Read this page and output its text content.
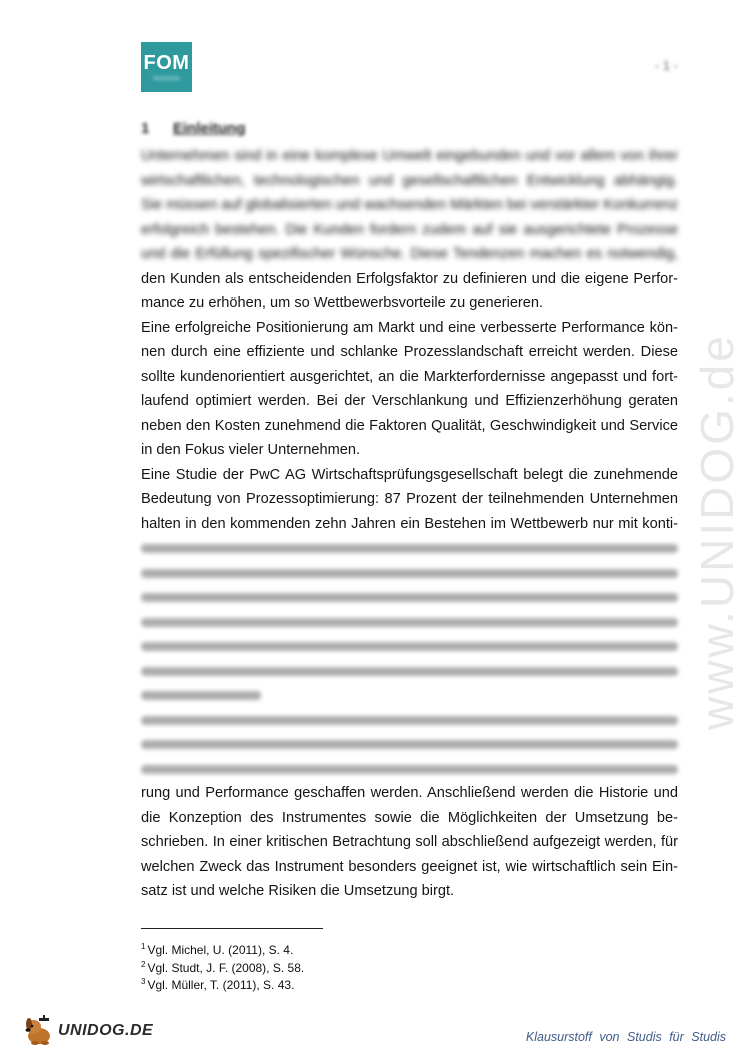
FOM
Hochschule
- 1 -
www.UNIDOG.de
1 Einleitung

Unternehmen sind in eine komplexe Umwelt eingebunden und vor allem von ihrer
wirtschaftlichen, technologischen und gesellschaftlichen Entwicklung abhängig.
Sie müssen auf globalisierten und wachsenden Märkten bei verstärkter Konkurrenz
erfolgreich bestehen. Die Kunden fordern zudem auf sie ausgerichtete Prozesse
und die Erfüllung spezifischer Wünsche. Diese Tendenzen machen es notwendig,
den Kunden als entscheidenden Erfolgsfaktor zu definieren und die eigene Perfor-
mance zu erhöhen, um so Wettbewerbsvorteile zu generieren.

Eine erfolgreiche Positionierung am Markt und eine verbesserte Performance kön-
nen durch eine effiziente und schlanke Prozesslandschaft erreicht werden. Diese
sollte kundenorientiert ausgerichtet, an die Markterfordernisse angepasst und fort-
laufend optimiert werden. Bei der Verschlankung und Effizienzerhöhung geraten
neben den Kosten zunehmend die Faktoren Qualität, Geschwindigkeit und Service
in den Fokus vieler Unternehmen.

Eine Studie der PwC AG Wirtschaftsprüfungsgesellschaft belegt die zunehmende
Bedeutung von Prozessoptimierung: 87 Prozent der teilnehmenden Unternehmen
halten in den kommenden zehn Jahren ein Bestehen im Wettbewerb nur mit konti-

rung und Performance geschaffen werden. Anschließend werden die Historie und
die Konzeption des Instrumentes sowie die Möglichkeiten der Umsetzung be-
schrieben. In einer kritischen Betrachtung soll abschließend aufgezeigt werden, für
welchen Zweck das Instrument besonders geeignet ist, wie wirtschaftlich sein Ein-
satz ist und welche Risiken die Umsetzung birgt.

$^1$ Vgl. Michel, U. (2011), S. 4.
$^2$ Vgl. Studt, J. F. (2008), S. 58.
$^3$ Vgl. Müller, T. (2011), S. 43.
UNIDOG.DE	Klausurstoff von Studis für Studis
